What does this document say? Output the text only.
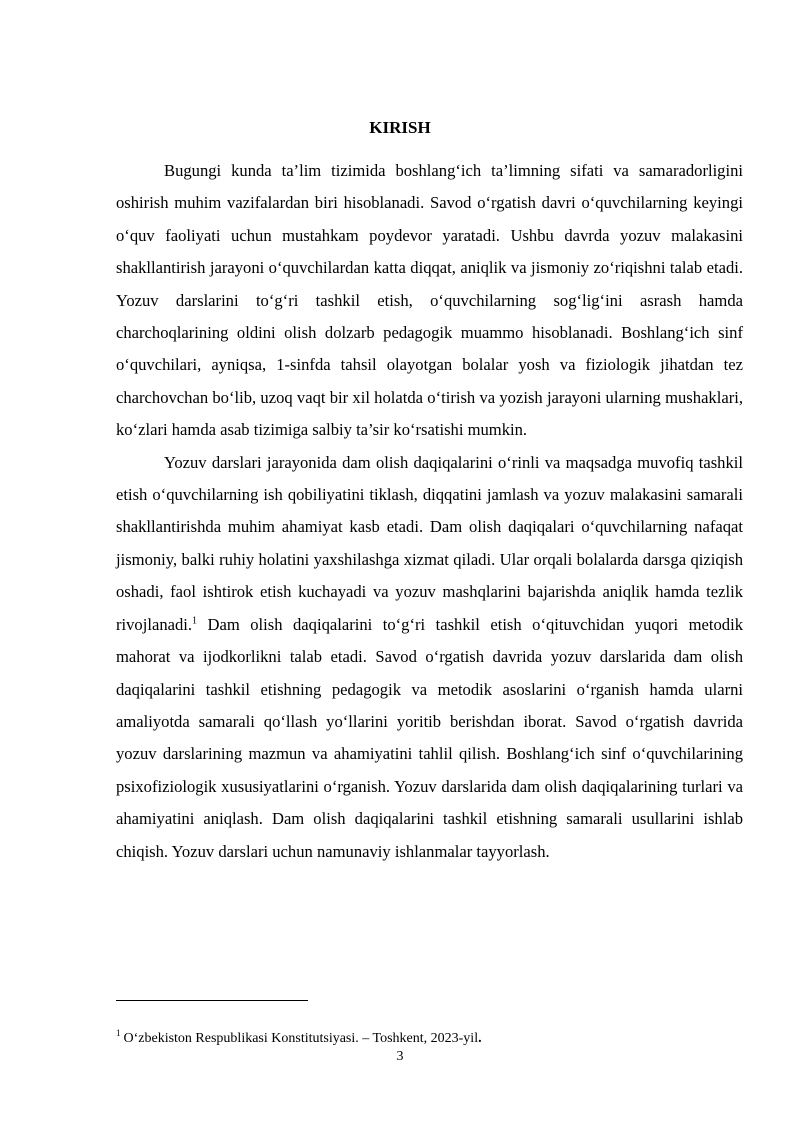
KIRISH

Bugungi kunda ta’lim tizimida boshlang‘ich ta’limning sifati va samaradorligini oshirish muhim vazifalardan biri hisoblanadi. Savod o‘rgatish davri o‘quvchilarning keyingi o‘quv faoliyati uchun mustahkam poydevor yaratadi. Ushbu davrda yozuv malakasini shakllantirish jarayoni o‘quvchilardan katta diqqat, aniqlik va jismoniy zo‘riqishni talab etadi. Yozuv darslarini to‘g‘ri tashkil etish, o‘quvchilarning sog‘lig‘ini asrash hamda charchoqlarining oldini olish dolzarb pedagogik muammo hisoblanadi. Boshlang‘ich sinf o‘quvchilari, ayniqsa, 1-sinfda tahsil olayotgan bolalar yosh va fiziologik jihatdan tez charchovchan bo‘lib, uzoq vaqt bir xil holatda o‘tirish va yozish jarayoni ularning mushaklari, ko‘zlari hamda asab tizimiga salbiy ta’sir ko‘rsatishi mumkin.

Yozuv darslari jarayonida dam olish daqiqalarini o‘rinli va maqsadga muvofiq tashkil etish o‘quvchilarning ish qobiliyatini tiklash, diqqatini jamlash va yozuv malakasini samarali shakllantirishda muhim ahamiyat kasb etadi. Dam olish daqiqalari o‘quvchilarning nafaqat jismoniy, balki ruhiy holatini yaxshilashga xizmat qiladi. Ular orqali bolalarda darsga qiziqish oshadi, faol ishtirok etish kuchayadi va yozuv mashqlarini bajarishda aniqlik hamda tezlik rivojlanadi.$^1$ Dam olish daqiqalarini to‘g‘ri tashkil etish o‘qituvchidan yuqori metodik mahorat va ijodkorlikni talab etadi. Savod o‘rgatish davrida yozuv darslarida dam olish daqiqalarini tashkil etishning pedagogik va metodik asoslarini o‘rganish hamda ularni amaliyotda samarali qo‘llash yo‘llarini yoritib berishdan iborat. Savod o‘rgatish davrida yozuv darslarining mazmun va ahamiyatini tahlil qilish. Boshlang‘ich sinf o‘quvchilarining psixofiziologik xususiyatlarini o‘rganish. Yozuv darslarida dam olish daqiqalarining turlari va ahamiyatini aniqlash. Dam olish daqiqalarini tashkil etishning samarali usullarini ishlab chiqish. Yozuv darslari uchun namunaviy ishlanmalar tayyorlash.

$^1$ O‘zbekiston Respublikasi Konstitutsiyasi. – Toshkent, 2023-yil.
3
